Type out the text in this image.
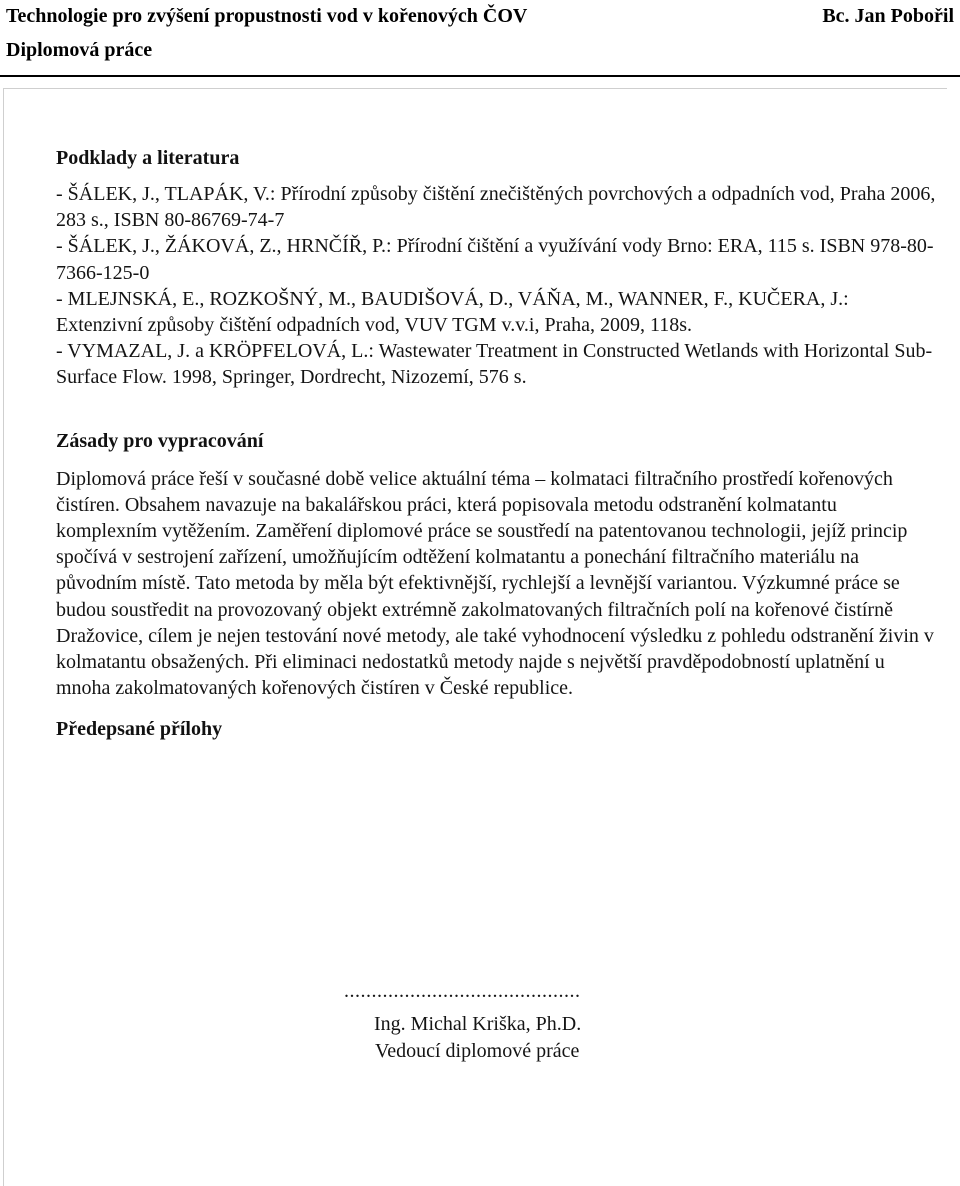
Technologie pro zvýšení propustnosti vod v kořenových ČOV	Bc. Jan Pobořil
Diplomová práce
Podklady a literatura

- ŠÁLEK, J., TLAPÁK, V.: Přírodní způsoby čištění znečištěných povrchových a odpadních vod, Praha 2006, 283 s., ISBN 80-86769-74-7

- ŠÁLEK, J., ŽÁKOVÁ, Z., HRNČÍŘ, P.: Přírodní čištění a využívání vody Brno: ERA, 115 s. ISBN 978-80-7366-125-0

- MLEJNSKÁ, E., ROZKOŠNÝ, M., BAUDIŠOVÁ, D., VÁŇA, M., WANNER, F., KUČERA, J.: Extenzivní způsoby čištění odpadních vod, VUV TGM v.v.i, Praha, 2009, 118s.

- VYMAZAL, J. a KRÖPFELOVÁ, L.: Wastewater Treatment in Constructed Wetlands with Horizontal Sub-Surface Flow. 1998, Springer, Dordrecht, Nizozemí, 576 s.

Zásady pro vypracování

Diplomová práce řeší v současné době velice aktuální téma – kolmataci filtračního prostředí kořenových čistíren. Obsahem navazuje na bakalářskou práci, která popisovala metodu odstranění kolmatantu komplexním vytěžením. Zaměření diplomové práce se soustředí na patentovanou technologii, jejíž princip spočívá v sestrojení zařízení, umožňujícím odtěžení kolmatantu a ponechání filtračního materiálu na původním místě. Tato metoda by měla být efektivnější, rychlejší a levnější variantou. Výzkumné práce se budou soustředit na provozovaný objekt extrémně zakolmatovaných filtračních polí na kořenové čistírně Dražovice, cílem je nejen testování nové metody, ale také vyhodnocení výsledku z pohledu odstranění živin v kolmatantu obsažených. Při eliminaci nedostatků metody najde s největší pravděpodobností uplatnění u mnoha zakolmatovaných kořenových čistíren v České republice.

Předepsané přílohy
...........................................
Ing. Michal Kriška, Ph.D.
Vedoucí diplomové práce
